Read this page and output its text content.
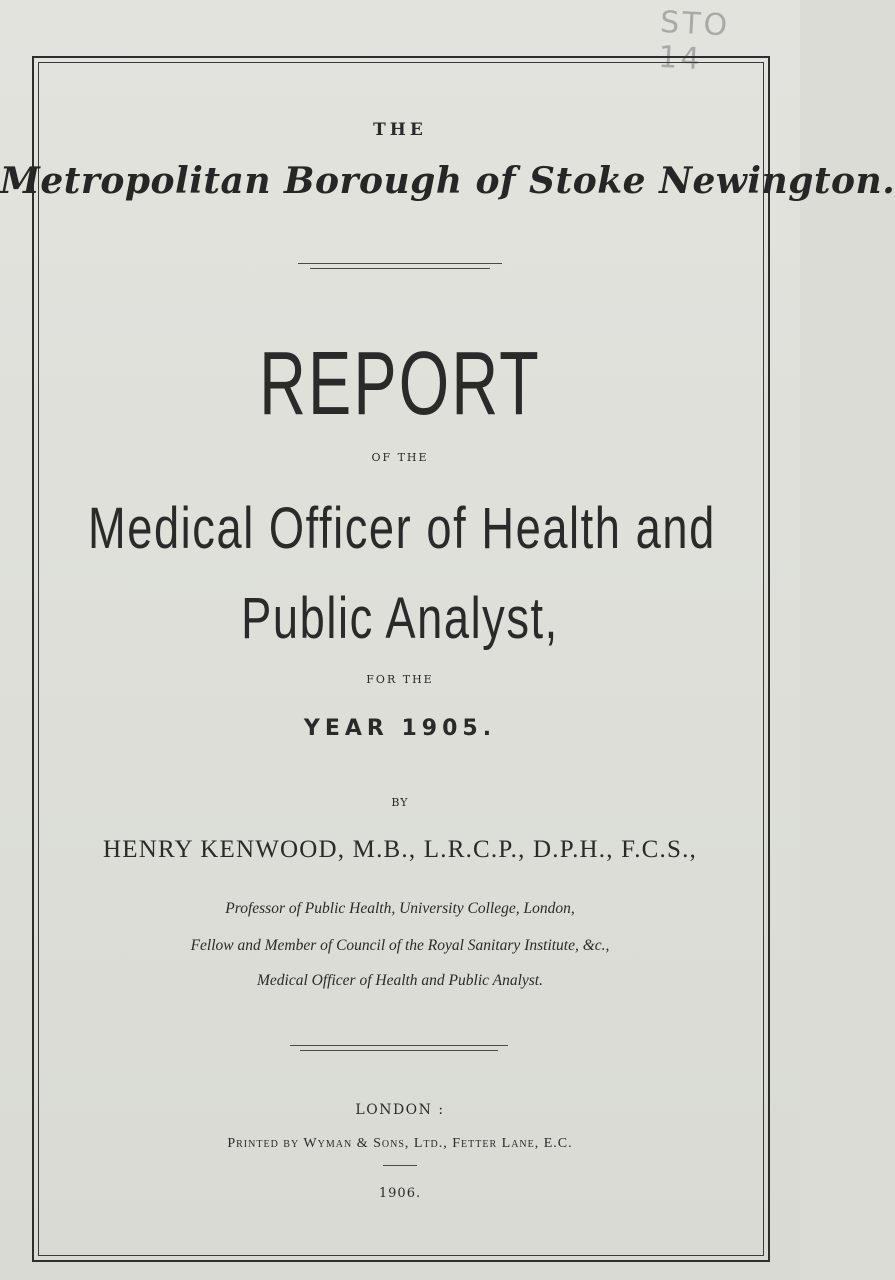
STO 14
THE
Metropolitan Borough of Stoke Newington.
REPORT
OF THE
Medical Officer of Health and
Public Analyst,
FOR THE
YEAR 1905.
BY
HENRY KENWOOD, M.B., L.R.C.P., D.P.H., F.C.S.,
Professor of Public Health, University College, London,
Fellow and Member of Council of the Royal Sanitary Institute, &c.,
Medical Officer of Health and Public Analyst.
LONDON :
Printed by Wyman & Sons, Ltd., Fetter Lane, E.C.
1906.
